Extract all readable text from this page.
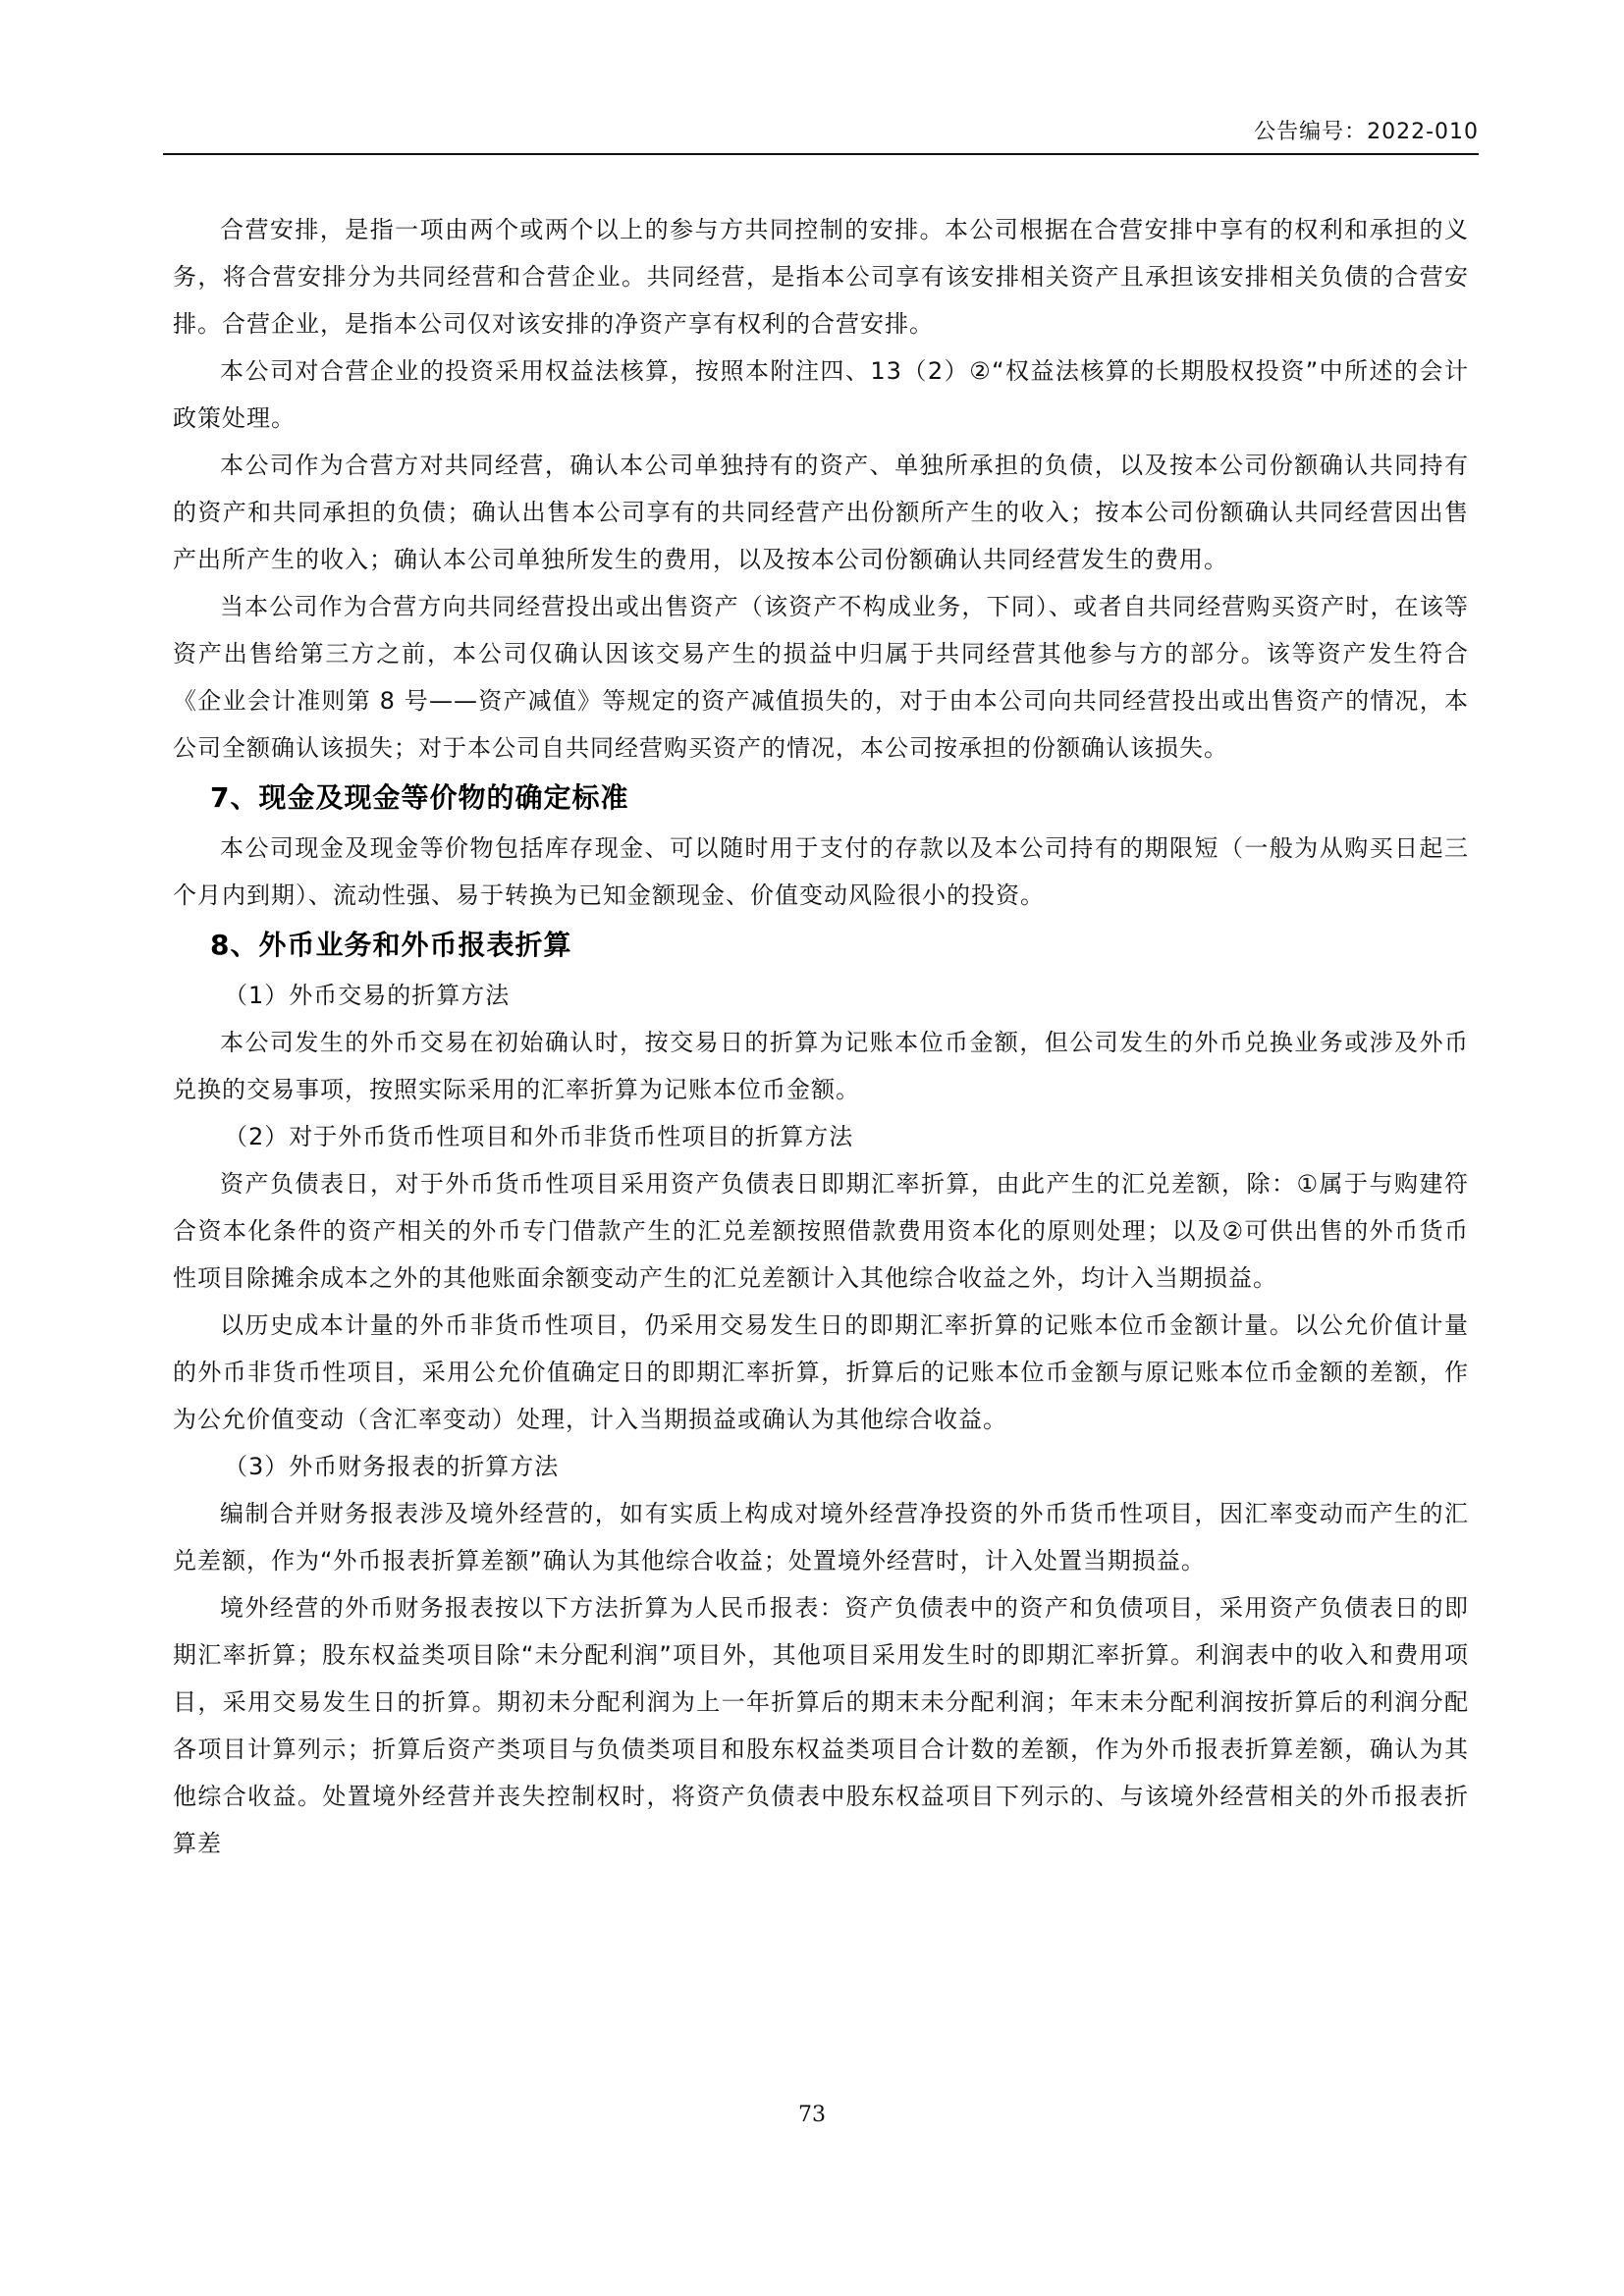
公告编号：2022-010

合营安排，是指一项由两个或两个以上的参与方共同控制的安排。本公司根据在合营安排中享有的权利和承担的义务，将合营安排分为共同经营和合营企业。共同经营，是指本公司享有该安排相关资产且承担该安排相关负债的合营安排。合营企业，是指本公司仅对该安排的净资产享有权利的合营安排。

本公司对合营企业的投资采用权益法核算，按照本附注四、13（2）②“权益法核算的长期股权投资”中所述的会计政策处理。

本公司作为合营方对共同经营，确认本公司单独持有的资产、单独所承担的负债，以及按本公司份额确认共同持有的资产和共同承担的负债；确认出售本公司享有的共同经营产出份额所产生的收入；按本公司份额确认共同经营因出售产出所产生的收入；确认本公司单独所发生的费用，以及按本公司份额确认共同经营发生的费用。

当本公司作为合营方向共同经营投出或出售资产（该资产不构成业务，下同）、或者自共同经营购买资产时，在该等资产出售给第三方之前，本公司仅确认因该交易产生的损益中归属于共同经营其他参与方的部分。该等资产发生符合《企业会计准则第 8 号——资产减值》等规定的资产减值损失的，对于由本公司向共同经营投出或出售资产的情况，本公司全额确认该损失；对于本公司自共同经营购买资产的情况，本公司按承担的份额确认该损失。

7、现金及现金等价物的确定标准

本公司现金及现金等价物包括库存现金、可以随时用于支付的存款以及本公司持有的期限短（一般为从购买日起三个月内到期）、流动性强、易于转换为已知金额现金、价值变动风险很小的投资。

8、外币业务和外币报表折算

（1）外币交易的折算方法

本公司发生的外币交易在初始确认时，按交易日的折算为记账本位币金额，但公司发生的外币兑换业务或涉及外币兑换的交易事项，按照实际采用的汇率折算为记账本位币金额。

（2）对于外币货币性项目和外币非货币性项目的折算方法

资产负债表日，对于外币货币性项目采用资产负债表日即期汇率折算，由此产生的汇兑差额，除：①属于与购建符合资本化条件的资产相关的外币专门借款产生的汇兑差额按照借款费用资本化的原则处理；以及②可供出售的外币货币性项目除摊余成本之外的其他账面余额变动产生的汇兑差额计入其他综合收益之外，均计入当期损益。

以历史成本计量的外币非货币性项目，仍采用交易发生日的即期汇率折算的记账本位币金额计量。以公允价值计量的外币非货币性项目，采用公允价值确定日的即期汇率折算，折算后的记账本位币金额与原记账本位币金额的差额，作为公允价值变动（含汇率变动）处理，计入当期损益或确认为其他综合收益。

（3）外币财务报表的折算方法

编制合并财务报表涉及境外经营的，如有实质上构成对境外经营净投资的外币货币性项目，因汇率变动而产生的汇兑差额，作为“外币报表折算差额”确认为其他综合收益；处置境外经营时，计入处置当期损益。

境外经营的外币财务报表按以下方法折算为人民币报表：资产负债表中的资产和负债项目，采用资产负债表日的即期汇率折算；股东权益类项目除“未分配利润”项目外，其他项目采用发生时的即期汇率折算。利润表中的收入和费用项目，采用交易发生日的折算。期初未分配利润为上一年折算后的期末未分配利润；年末未分配利润按折算后的利润分配各项目计算列示；折算后资产类项目与负债类项目和股东权益类项目合计数的差额，作为外币报表折算差额，确认为其他综合收益。处置境外经营并丧失控制权时，将资产负债表中股东权益项目下列示的、与该境外经营相关的外币报表折算差

73
